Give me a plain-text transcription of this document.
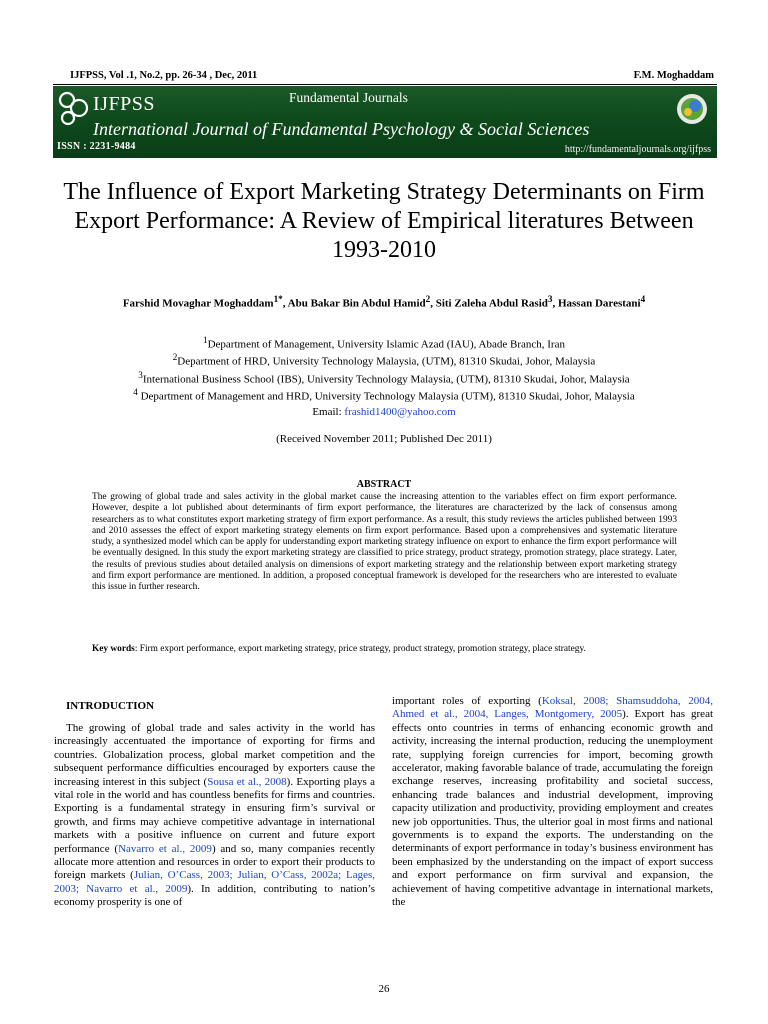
IJFPSS, Vol .1, No.2, pp. 26-34 , Dec, 2011	F.M. Moghaddam
IJFPSS	Fundamental Journals
International Journal of Fundamental Psychology & Social Sciences
ISSN : 2231-9484	http://fundamentaljournals.org/ijfpss
The Influence of Export Marketing Strategy Determinants on Firm Export Performance: A Review of Empirical literatures Between 1993-2010
Farshid Movaghar Moghaddam$^{1*}$, Abu Bakar Bin Abdul Hamid$^2$, Siti Zaleha Abdul Rasid$^3$, Hassan Darestani$^4$
$^1$Department of Management, University Islamic Azad (IAU), Abade Branch, Iran
$^2$Department of HRD, University Technology Malaysia, (UTM), 81310 Skudai, Johor, Malaysia
$^3$International Business School (IBS), University Technology Malaysia, (UTM), 81310 Skudai, Johor, Malaysia
$^4$ Department of Management and HRD, University Technology Malaysia (UTM), 81310 Skudai, Johor, Malaysia
Email: frashid1400@yahoo.com
(Received November 2011; Published Dec 2011)
ABSTRACT
The growing of global trade and sales activity in the global market cause the increasing attention to the variables effect on firm export performance. However, despite a lot published about determinants of firm export performance, the literatures are characterized by the lack of consensus among researchers as to what constitutes export marketing strategy of firm export performance. As a result, this study reviews the articles published between 1993 and 2010 assesses the effect of export marketing strategy elements on firm export performance. Based upon a comprehensives and systematic literature study, a synthesized model which can be apply for understanding export marketing strategy influence on export to enhance the firm export performance will be eventually designed. In this study the export marketing strategy are classified to price strategy, product strategy, promotion strategy, place strategy. Later, the results of previous studies about detailed analysis on dimensions of export marketing strategy and the relationship between export marketing strategy and firm export performance are mentioned. In addition, a proposed conceptual framework is developed for the researchers who are interested to evaluate this issue in further research.
Key words: Firm export performance, export marketing strategy, price strategy, product strategy, promotion strategy, place strategy.
INTRODUCTION

The growing of global trade and sales activity in the world has increasingly accentuated the importance of exporting for firms and countries. Globalization process, global market competition and the subsequent performance difficulties encouraged by exporters cause the increasing interest in this subject (Sousa et al., 2008). Exporting plays a vital role in the world and has countless benefits for firms and countries. Exporting is a fundamental strategy in ensuring firm’s survival or growth, and firms may achieve competitive advantage in international markets with a positive influence on current and future export performance (Navarro et al., 2009) and so, many companies recently allocate more attention and resources in order to export their products to foreign markets (Julian, O’Cass, 2003; Julian, O’Cass, 2002a; Lages, 2003; Navarro et al., 2009). In addition, contributing to nation’s economy prosperity is one of

important roles of exporting (Koksal, 2008; Shamsuddoha, 2004, Ahmed et al., 2004, Langes, Montgomery, 2005). Export has great effects onto countries in terms of enhancing economic growth and activity, increasing the internal production, reducing the unemployment rate, supplying foreign currencies for import, becoming growth accelerator, making favorable balance of trade, accumulating the foreign exchange reserves, increasing profitability and societal success, enhancing trade balances and industrial development, improving capacity utilization and productivity, providing employment and creates new job opportunities. Thus, the ulterior goal in most firms and national governments is to expand the exports. The understanding on the determinants of export performance in today’s business environment has been emphasized by the understanding on the impact of export success and export performance on firm survival and expansion, the achievement of having competitive advantage in international markets, the

26
